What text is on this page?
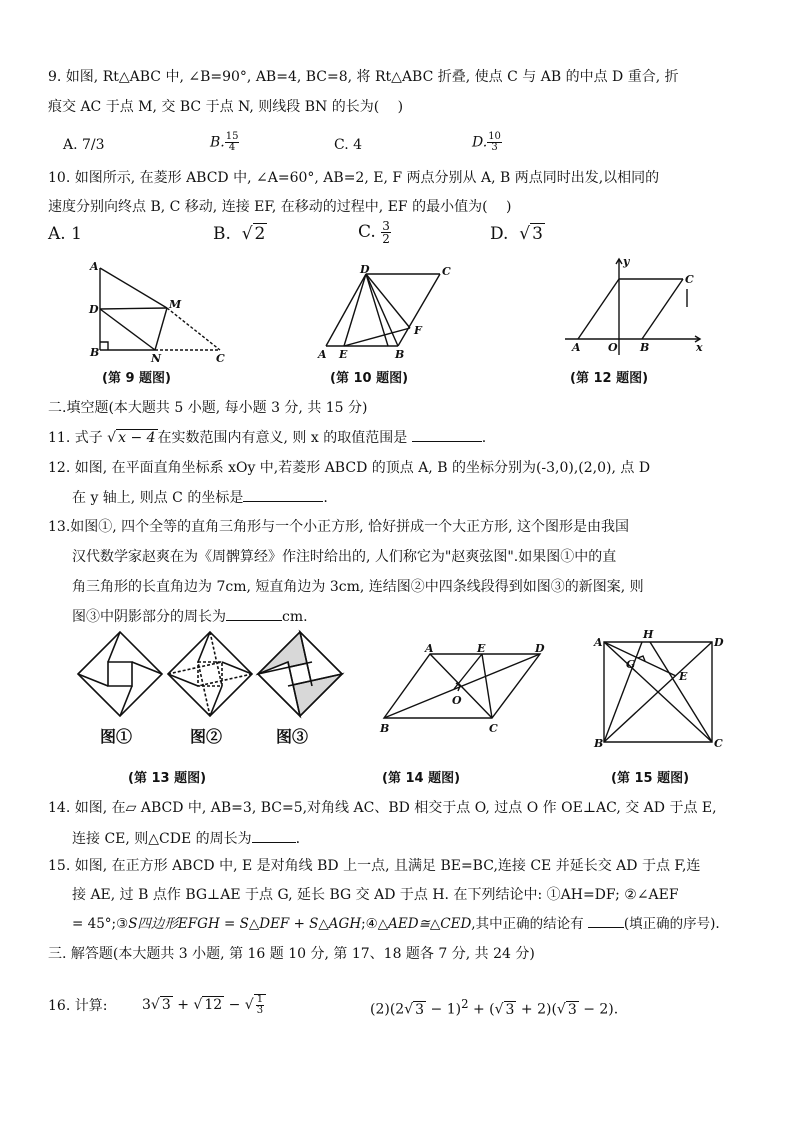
9. 如图, Rt△ABC 中, ∠B=90°, AB=4, BC=8, 将 Rt△ABC 折叠, 使点 C 与 AB 的中点 D 重合, 折
痕交 AC 于点 M, 交 BC 于点 N, 则线段 BN 的长为(　 )
A. 7/3	B. $\frac{15}{4}$	C. 4	D. $\frac{10}{3}$
10. 如图所示, 在菱形 ABCD 中, ∠A=60°, AB=2, E, F 两点分别从 A, B 两点同时出发,以相同的
速度分别向终点 B, C 移动, 连接 EF, 在移动的过程中, EF 的最小值为(　 )
A. 1	B.  √ 2	C. $\frac{3}{2}$	D.  √ 3
A
D	M
B	N	C
(第 9 题图)
D	C
F
A E	B
(第 10 题图)
y
C
A O B	x
(第 12 题图)
二.填空题(本大题共 5 小题, 每小题 3 分, 共 15 分)
11. 式子 √ x − 4 在实数范围内有意义, 则 x 的取值范围是	.
12. 如图, 在平面直角坐标系 xOy 中,若菱形 ABCD 的顶点 A, B 的坐标分别为(-3,0),(2,0), 点 D
在 y 轴上, 则点 C 的坐标是	.
13.如图①, 四个全等的直角三角形与一个小正方形, 恰好拼成一个大正方形, 这个图形是由我国
汉代数学家赵爽在为《周髀算经》作注时给出的, 人们称它为"赵爽弦图".如果图①中的直
角三角形的长直角边为 7cm, 短直角边为 3cm, 连结图②中四条线段得到如图③的新图案, 则
图③中阴影部分的周长为	cm.
图①	图②	图③
(第 13 题图)
A	E	D
O
B	C
(第 14 题图)
A
H
D
G
E
B	C
(第 15 题图)
14. 如图, 在▱ ABCD 中, AB=3, BC=5,对角线 AC、BD 相交于点 O, 过点 O 作 OE⊥AC, 交 AD 于点 E,
连接 CE, 则△CDE 的周长为	.
15. 如图, 在正方形 ABCD 中, E 是对角线 BD 上一点, 且满足 BE=BC,连接 CE 并延长交 AD 于点 F,连
接 AE, 过 B 点作 BG⊥AE 于点 G, 延长 BG 交 AD 于点 H. 在下列结论中: ①AH=DF; ②∠AEF
= 45°;③S四边形EFGH = S△DEF + S△AGH;④△AED≅△CED,其中正确的结论有	(填正确的序号).
三. 解答题(本大题共 3 小题, 第 16 题 10 分, 第 17、18 题各 7 分, 共 24 分)
16. 计算: 3√ 3 + √ 12 − √ $\frac{1}{3}$	(2)(2√ 3 − 1)$^2$ + (√ 3 + 2)(√ 3 − 2).
